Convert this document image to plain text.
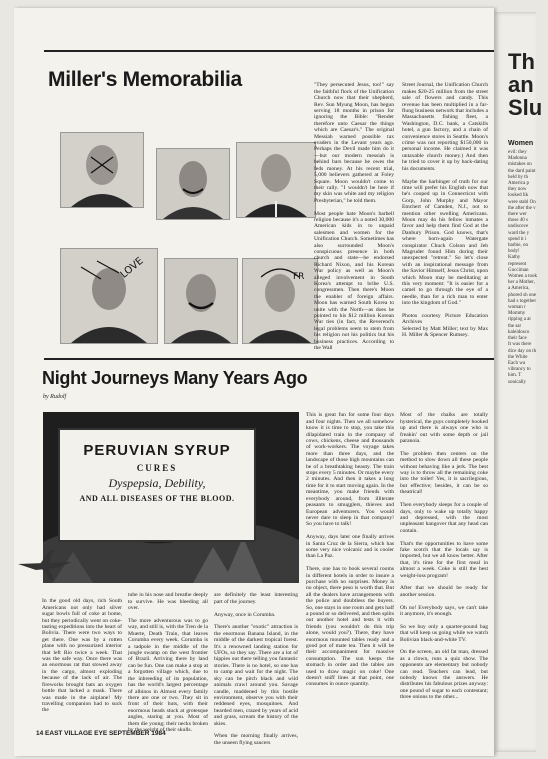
Miller's Memorabilia
LOVE	FR

"They persecuted Jesus, too!" say the faithful flock of the Unification Church now that their shepherd, Rev. Sun Myung Moon, has begun serving 18 months in prison for ignoring the Bible: "Render therefore unto Caesar the things which are Caesar's." The original Messiah warned possible tax evaders in the Levant years ago. Perhaps the Devil made him do it—but our modern messiah is behind bars because he owes the feds money. At his recent trial, 5,000 believers gathered at Foley Square. Moon wouldn't come to their rally. "I wouldn't be here if my skin was white and my religion Presbyterian," he told them.

Most people hate Moon's barbell religion because it's a noted 30,000 American kids in to unpaid salesmen and women for the Unification Church. Sometimes has also surrounded Moon's conspicuous presence in both church and state—he endorsed Richard Nixon, and his Korean War policy as well as Moon's alleged involvement in South Korea's attempt to bribe U.S. congressmen. Then there's Moon the enabler of foreign affairs. Moon has warned South Korea to unite with the North—as does he pointed to his $12 million Korean War ties (in fact, the Reverend's legal problems seem to stem from his religion not his politics but his business practices. According to the Wall

Street Journal, the Unification Church makes $20-25 million from the street sale of flowers and candy. This revenue has been multiplied in a far-flung business network that includes a Massachusetts fishing fleet, a Washington, D.C. bank, a Catskills hotel, a gun factory, and a chain of convenience stores in Seattle. Moon's crime was not reporting $150,000 in personal income. He claimed it was untaxable church money.) And then he tried to cover it up by back-dating his documents.

Maybe the harbinger of truth for our time will prefer his English now that he's cooped up in Connecticut with Gorp, John Murphy and Mayor Emchert of Camden, N.J., not to mention other swelling Americans. Moon may do his fellow inmates a favor and help them find God at the Danbury Prison. God knows, that's where born-again Watergate conspirator Chuck Colson and Jeb Magruder found Him during their unexpected "retreat." So let's close with an inspirational message from the Savior Himself, Jesus Christ, upon which Moon may be meditating at this very moment: "It is easier for a camel to go through the eye of a needle, than for a rich man to enter into the kingdom of God."

Photos courtesy Picture Education Archives
Selected by Matt Miller; text by Max H. Miller & Spencer Rumsey.

Night Journeys Many Years Ago
by Rudolf
PERUVIAN SYRUP
CURES
Dyspepsia, Debility,
AND ALL DISEASES OF THE BLOOD.

This is great fun for some four days and four nights. Then we all somehow know it is time to stop, you take this dilapidated train in the company of cows, chickens, cheese and thousands of work-workers. The voyage takes more than three days, and the landscape of those high mountains can be of a breathtaking beauty. The train stops every 5 minutes. Or maybe every 2 minutes. And then it takes a long time for it to start moving again. In the meantime, you make friends with everybody around, from illiterate peasants to smugglers, thieves and European adventurers. You would never dare to sleep in that company! So you have to talk!

Anyway, days later one finally arrives in Santa Cruz de la Sierra, which has some very nice volcanic and is cooler than La Paz.

There, one has to book several rooms in different hotels in order to insure a purchase with no surprises. Money is no object, there peso is worth that. But all the dealers have arrangements with the police and doubtless the buyers. So, one stays in one room and gets half a pound or so delivered, and then splits out another hotel and tests it with friends (you wouldn't do this trip alone, would you?). There, they have enormous mounted tables ready and a good pot of mate tea. Then it will be their accompaniment for massive consumption. The sun keeps the stomach in order and the tables are used to draw magic on coke! One doesn't sniff lines at that point, one consumes in ounce quantity.

Most of the chalks are totally hysterical, the guys completely hooked up and there is always one who is freakin' out with some depth or jail paranoia.

The problem then centers on the method to slow down all these people without behaving like a jerk. The best way is to throw all the remaining coke into the toilet! Yes, it is sacrilegious, but effective; besides, it can be so theatrical!

Then everybody sleeps for a couple of days, only to wake up totally happy and depressed, with the most unpleasant hangover that any head can contain.

That's the opportunities to have some fake scotch that the locals say is imported, but we all know better. After that, it's time for the first meal in almost a week. Coke is still the best weight-loss program!

After that we should be ready for another session.

Oh no! Everybody says, we can't take it anymore, it's enough.

So we buy only a quarter-pound bag that will keep us going while we watch Bolivian black-and-white TV.

On the screen, an old fat man, dressed as a clown, runs a quiz show. The opponents are elementary but nobody can read. Teachers can lead, but nobody knows the answers. He distributes his fabulous prizes anyway: one pound of sugar to each contestant; three onions to the other...

In the good old days, rich South Americans not only had silver sugar bowls full of coke at home, but they periodically went on coke-tasting expeditions into the heart of Bolivia. There were two ways to get there. One was by a rotten plane with no pressurized interior that left Rio twice a week. That was the safe way. Once there was an enormous rat that stowed away in the cargo, almost exploding because of the lack of air. The fireworks brought bats an oxygen bottle that lacked a mask. There was made in the airplane! My travelling companion had to suck the

tube in his nose and breathe deeply to survive. He was bleeding all over.

The more adventurous was to go way, and still is, with the Tren de la Muerte, Death Train, that leaves Corumba every week. Corumba is a tadpole in the middle of the jungle swamp on the west frontier of Brazil. Arriving there by land can be fun. One can make a stop at a forgotten village which, due to the inbreeding of its population, has the world's largest percentage of albinos in Almost every family there are one or two. They sit in front of their huts, with their enormous heads stuck at grotesque angles, staring at you. Most of them die young; their necks broken by the weight of their skulls.

are definitely the least interesting part of the journey.

Anyway, once in Corumba.

There's another "exotic" attraction is the enormous Banana Island, in the middle of the darkest tropical forest. It's a renowned landing station for UFOs, so they say. There are a lot of hippies out there telling you fantastic stories. There is no hotel, so one has to camp and wait for the night. The sky can be pitch black and wild animals crawl around you. Savage candle, maddened by this hostile environment, observe you with their reddened eyes, mosquitoes. And bearded men, crazed by years of acid and grass, scream the history of the skies.

When the morning finally arrives, the unseen flying saucers

14 EAST VILLAGE EYE SEPTEMBER 1984
Th an Slu
Women
evil: they Madonna mistakes on the dard paint held by th America p they now looked lik were stabl On the after the v there wer those 40 s undiscove ward the y spend it i barbie, on body!
Kathy represent Gucciman Women a took her a Mother, a America, phored sh one had s together woman r Mommy ripping a at the sar kaleidosco their face
It was there dice day on th the White Each wa vibrancy to him. T sonically
